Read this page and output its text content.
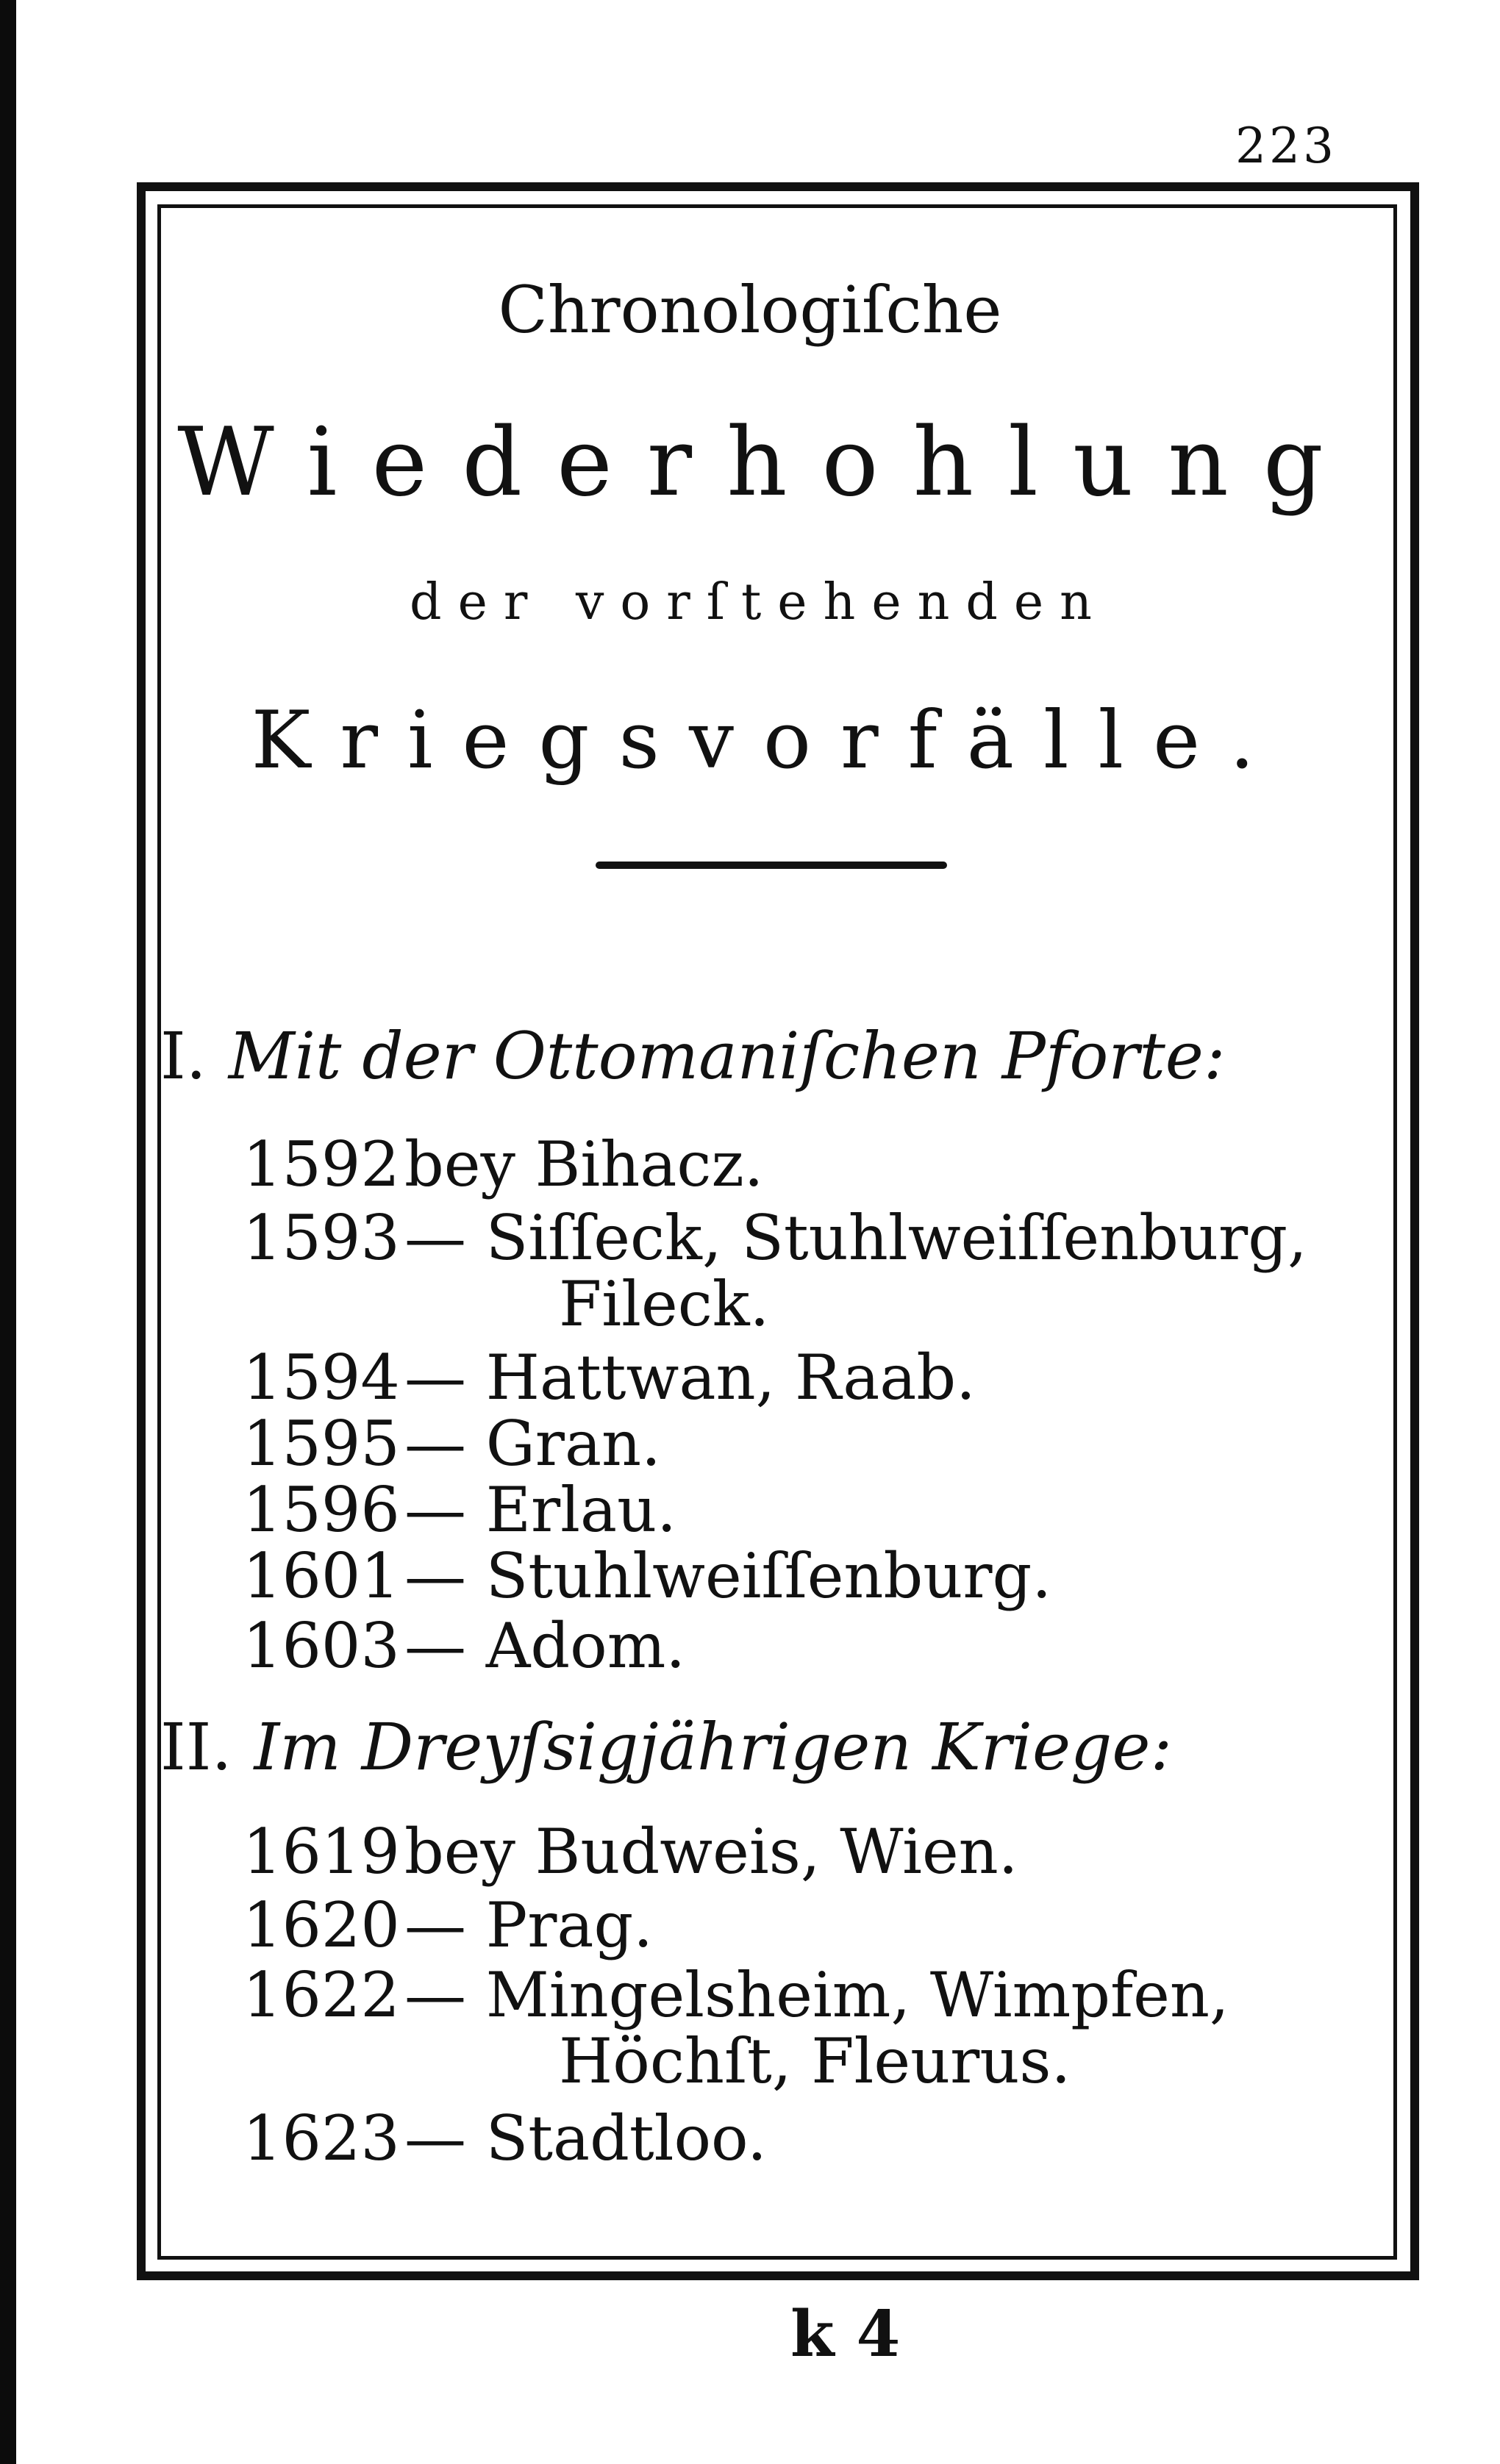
223
Chronologiſche
Wiederhohlung
der vorſtehenden
Kriegsvorfälle.
I. Mit der Ottomaniſchen Pforte:
1592 bey Bihacz.
1593 — Siſſeck, Stuhlweiſſenburg,
Fileck.
1594 — Hattwan, Raab.
1595 — Gran.
1596 — Erlau.
1601 — Stuhlweiſſenburg.
1603 — Adom.
II. Im Dreyſsigjährigen Kriege:
1619 bey Budweis, Wien.
1620 — Prag.
1622 — Mingelsheim, Wimpfen,
Höchſt, Fleurus.
1623 — Stadtloo.
k 4
